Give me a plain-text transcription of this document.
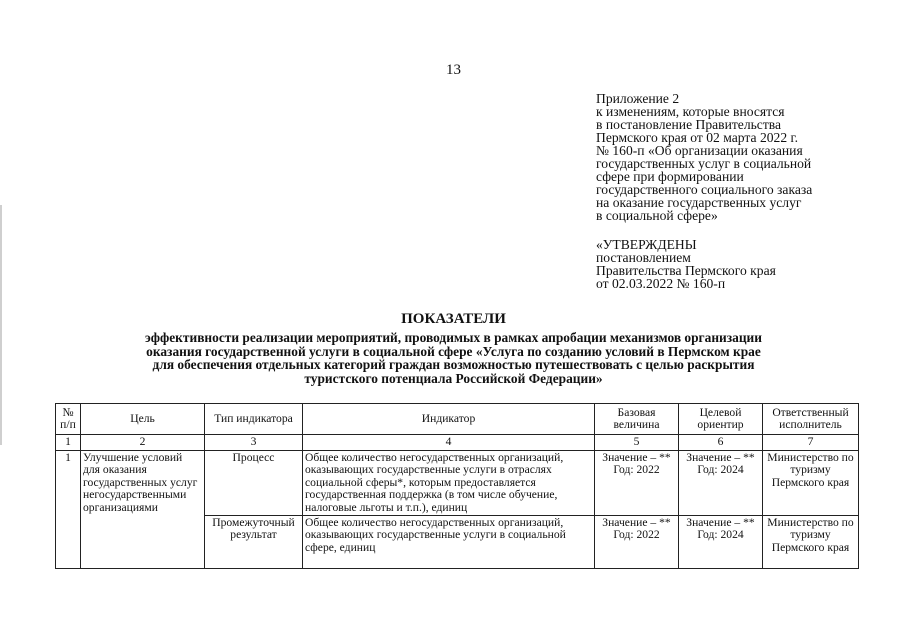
13
Приложение 2
к изменениям, которые вносятся
в постановление Правительства
Пермского края от 02 марта 2022 г.
№ 160-п «Об организации оказания
государственных услуг в социальной
сфере при формировании
государственного социального заказа
на оказание государственных услуг
в социальной сфере»
«УТВЕРЖДЕНЫ
постановлением
Правительства Пермского края
от 02.03.2022 № 160-п
ПОКАЗАТЕЛИ
эффективности реализации мероприятий, проводимых в рамках апробации механизмов организации
оказания государственной услуги в социальной сфере «Услуга по созданию условий в Пермском крае
для обеспечения отдельных категорий граждан возможностью путешествовать с целью раскрытия
туристского потенциала Российской Федерации»
№ п/п	Цель	Тип индикатора	Индикатор	Базовая величина	Целевой ориентир	Ответственный исполнитель
1	2	3	4	5	6	7
1	Улучшение условий для оказания государственных услуг негосударственными организациями	Процесс	Общее количество негосударственных организаций, оказывающих государственные услуги в отраслях социальной сферы*, которым предоставляется государственная поддержка (в том числе обучение, налоговые льготы и т.п.), единиц	Значение – ** Год: 2022	Значение – ** Год: 2024	Министерство по туризму Пермского края
		Промежуточный результат	Общее количество негосударственных организаций, оказывающих государственные услуги в социальной сфере, единиц	Значение – ** Год: 2022	Значение – ** Год: 2024	Министерство по туризму Пермского края
